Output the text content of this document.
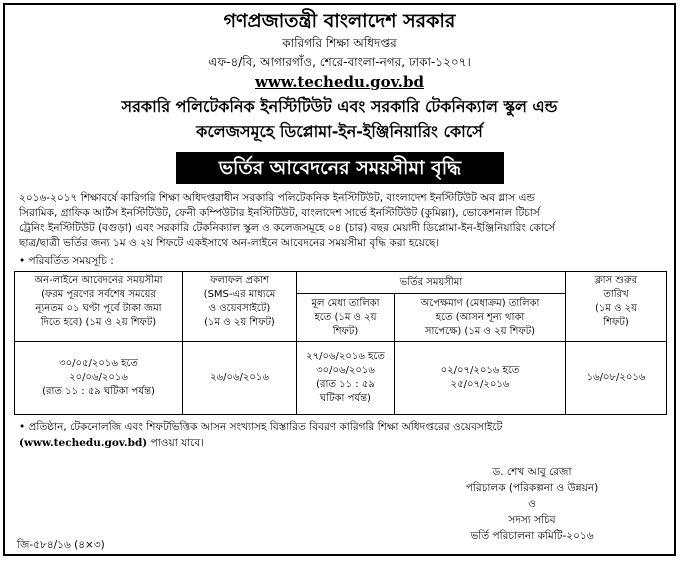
গণপ্রজাতন্ত্রী বাংলাদেশ সরকার
কারিগরি শিক্ষা অধিদপ্তর
এফ-৪/বি, আগারগাঁও, শেরে-বাংলা-নগর, ঢাকা-১২০৭।
www.techedu.gov.bd
সরকারি পলিটেকনিক ইনস্টিটিউট এবং সরকারি টেকনিক্যাল স্কুল এন্ড
কলেজসমূহে ডিপ্লোমা-ইন-ইঞ্জিনিয়ারিং কোর্সে
ভর্তির আবেদনের সময়সীমা বৃদ্ধি
২০১৬-২০১৭ শিক্ষাবর্ষে কারিগরি শিক্ষা অধিদপ্তরাধীন সরকারি পলিটেকনিক ইনস্টিটিউট, বাংলাদেশ ইনস্টিটিউট অব গ্লাস এন্ড
সিরামিক, গ্রাফিক আর্টস ইনস্টিটিউট, ফেনী কম্পিউটার ইনস্টিটিউট, বাংলাদেশ সার্ভে ইনস্টিটিউট (কুমিল্লা), ভোকেশনাল টিচার্স
ট্রেনিং ইনস্টিটিউট (বগুড়া) এবং সরকারি টেকনিক্যাল স্কুল ও কলেজসমূহে ০৪ (চার) বছর মেয়াদী ডিপ্লোমা-ইন-ইঞ্জিনিয়ারিং কোর্সে
ছাত্র/ছাত্রী ভর্তির জন্য ১ম ও ২য় শিফটে একইসাথে অন-লাইনে আবেদনের সময়সীমা বৃদ্ধি করা হয়েছে।
• পরিবর্তিত সময়সূচি :
অন-লাইনে আবেদনের সময়সীমা
(ফরম পূরণের সর্বশেষ সময়ের
ন্যূনতম ০১ ঘণ্টা পূর্বে টাকা জমা
দিতে হবে) (১ম ও ২য় শিফট)	ফলাফল প্রকাশ
(SMS-এর মাধ্যমে
ও ওয়েবসাইটে)
(১ম ও ২য় শিফট)	ভর্তির সময়সীমা		ক্লাস শুরুর
তারিখ
(১ম ও ২য়
শিফট)

		মূল মেধা তালিকা
হতে (১ম ও ২য়
শিফট)	অপেক্ষমাণ (মেধাক্রম) তালিকা
হতে (আসন শূন্য থাকা
সাপেক্ষে) (১ম ও ২য় শিফট)	

৩০/০৫/২০১৬ হতে
২০/০৬/২০১৬
(রাত ১১ : ৫৯ ঘটিকা পর্যন্ত)	২৬/০৬/২০১৬	২৭/০৬/২০১৬ হতে
৩০/০৬/২০১৬
(রাত ১১ : ৫৯
ঘটিকা পর্যন্ত)	০২/০৭/২০১৬ হতে
২৫/০৭/২০১৬	১৬/০৮/২০১৬
• প্রতিষ্ঠান, টেকনোলজি এবং শিফটভিত্তিক আসন সংখ্যাসহ বিস্তারিত বিবরণ কারিগরি শিক্ষা অধিদপ্তরের ওয়েবসাইটে
(www.techedu.gov.bd) পাওয়া যাবে।
ড. শেখ আবু রেজা
পরিচালক (পরিকল্পনা ও উন্নয়ন)
ও
সদস্য সচিব
ভর্তি পরিচালনা কমিটি-২০১৬
জি-৫৮৪/১৬ (৪×৩)
